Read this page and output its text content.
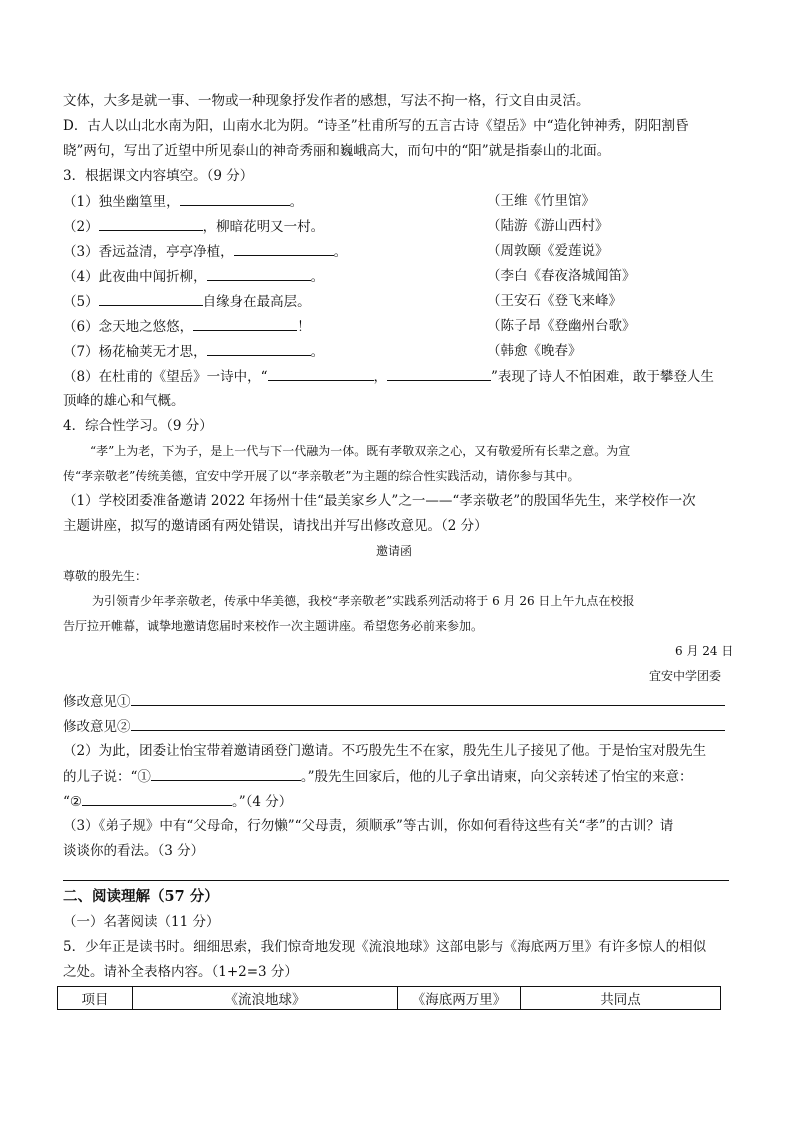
文体，大多是就一事、一物或一种现象抒发作者的感想，写法不拘一格，行文自由灵活。
D．古人以山北水南为阳，山南水北为阴。“诗圣”杜甫所写的五言古诗《望岳》中“造化钟神秀，阴阳割昏
晓”两句，写出了近望中所见泰山的神奇秀丽和巍峨高大，而句中的“阳”就是指泰山的北面。
3．根据课文内容填空。（9 分）
（1）独坐幽篁里，	。	（王维《竹里馆》
（2）	，柳暗花明又一村。	（陆游《游山西村》
（3）香远益清，亭亭净植，	。	（周敦颐《爱莲说》
（4）此夜曲中闻折柳，	。	（李白《春夜洛城闻笛》
（5）	自缘身在最高层。	（王安石《登飞来峰》
（6）念天地之悠悠，	！	（陈子昂《登幽州台歌》
（7）杨花榆荚无才思，	。	（韩愈《晚春》
（8）在杜甫的《望岳》一诗中，“	，	”表现了诗人不怕困难，敢于攀登人生
顶峰的雄心和气概。
4．综合性学习。（9 分）
“孝”上为老，下为子，是上一代与下一代融为一体。既有孝敬双亲之心，又有敬爱所有长辈之意。为宣
传“孝亲敬老”传统美德，宜安中学开展了以“孝亲敬老”为主题的综合性实践活动，请你参与其中。
（1）学校团委准备邀请 2022 年扬州十佳“最美家乡人”之一——“孝亲敬老”的殷国华先生，来学校作一次
主题讲座，拟写的邀请函有两处错误，请找出并写出修改意见。（2 分）
邀请函
尊敬的殷先生：
为引领青少年孝亲敬老，传承中华美德，我校“孝亲敬老”实践系列活动将于 6 月 26 日上午九点在校报
告厅拉开帷幕，诚挚地邀请您届时来校作一次主题讲座。希望您务必前来参加。
6 月 24 日
宜安中学团委
修改意见①
修改意见②
（2）为此，团委让怡宝带着邀请函登门邀请。不巧殷先生不在家，殷先生儿子接见了他。于是怡宝对殷先生
的儿子说：“①	。”殷先生回家后，他的儿子拿出请柬，向父亲转述了怡宝的来意：
“②	。”（4 分）
（3）《弟子规》中有“父母命，行勿懒”“父母责，须顺承”等古训，你如何看待这些有关“孝”的古训？请
谈谈你的看法。（3 分）
二、阅读理解（57 分）
（一）名著阅读（11 分）
5．少年正是读书时。细细思索，我们惊奇地发现《流浪地球》这部电影与《海底两万里》有许多惊人的相似
之处。请补全表格内容。（1+2=3 分）
项目	《流浪地球》	《海底两万里》	共同点
